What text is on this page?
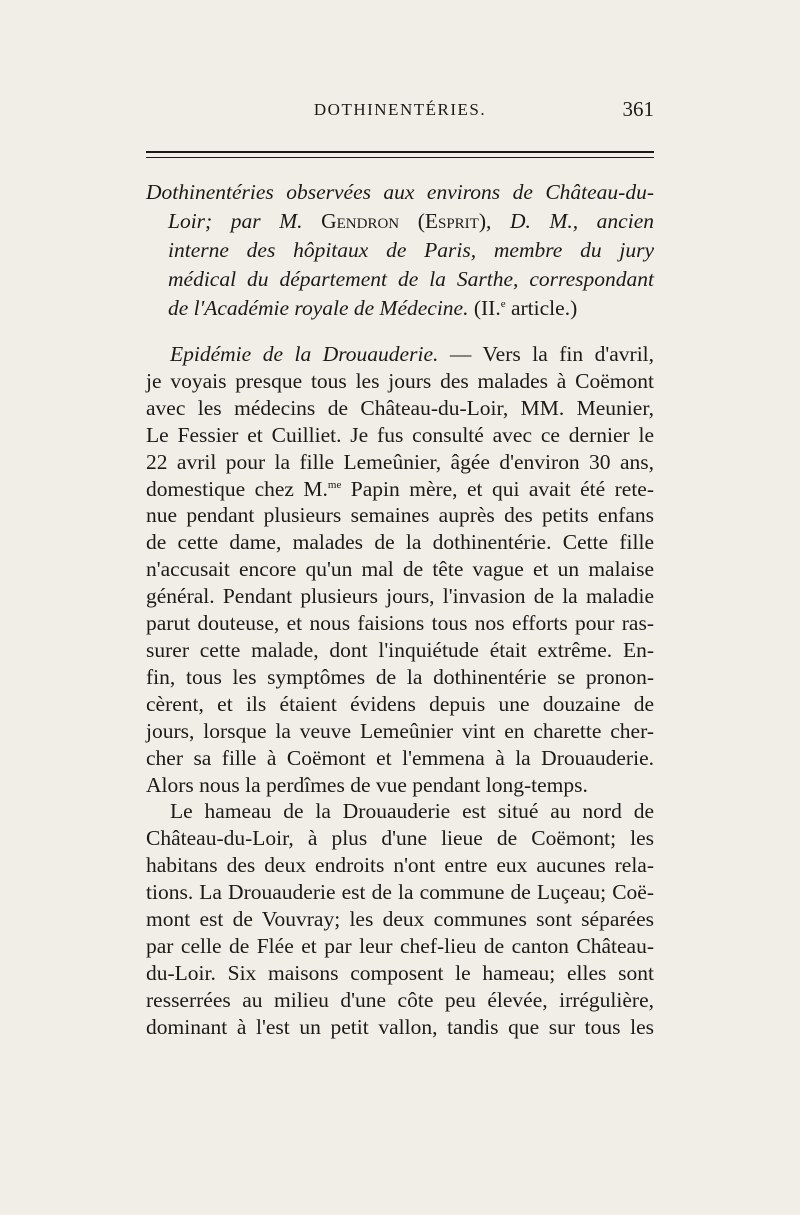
DOTHINENTÉRIES.	361
Dothinentéries observées aux environs de Château-du-
Loir; par M. Gendron (Esprit), D. M., ancien
interne des hôpitaux de Paris, membre du jury
médical du département de la Sarthe, correspondant
de l'Académie royale de Médecine. (II.$^e$ article.)
Epidémie de la Drouauderie. — Vers la fin d'avril,
je voyais presque tous les jours des malades à Coëmont
avec les médecins de Château-du-Loir, MM. Meunier,
Le Fessier et Cuilliet. Je fus consulté avec ce dernier le
22 avril pour la fille Lemeûnier, âgée d'environ 30 ans,
domestique chez M.$^{me}$ Papin mère, et qui avait été rete-
nue pendant plusieurs semaines auprès des petits enfans
de cette dame, malades de la dothinentérie. Cette fille
n'accusait encore qu'un mal de tête vague et un malaise
général. Pendant plusieurs jours, l'invasion de la maladie
parut douteuse, et nous faisions tous nos efforts pour ras-
surer cette malade, dont l'inquiétude était extrême. En-
fin, tous les symptômes de la dothinentérie se pronon-
cèrent, et ils étaient évidens depuis une douzaine de
jours, lorsque la veuve Lemeûnier vint en charette cher-
cher sa fille à Coëmont et l'emmena à la Drouauderie.
Alors nous la perdîmes de vue pendant long-temps.
Le hameau de la Drouauderie est situé au nord de
Château-du-Loir, à plus d'une lieue de Coëmont; les
habitans des deux endroits n'ont entre eux aucunes rela-
tions. La Drouauderie est de la commune de Luçeau; Coë-
mont est de Vouvray; les deux communes sont séparées
par celle de Flée et par leur chef-lieu de canton Château-
du-Loir. Six maisons composent le hameau; elles sont
resserrées au milieu d'une côte peu élevée, irrégulière,
dominant à l'est un petit vallon, tandis que sur tous les
